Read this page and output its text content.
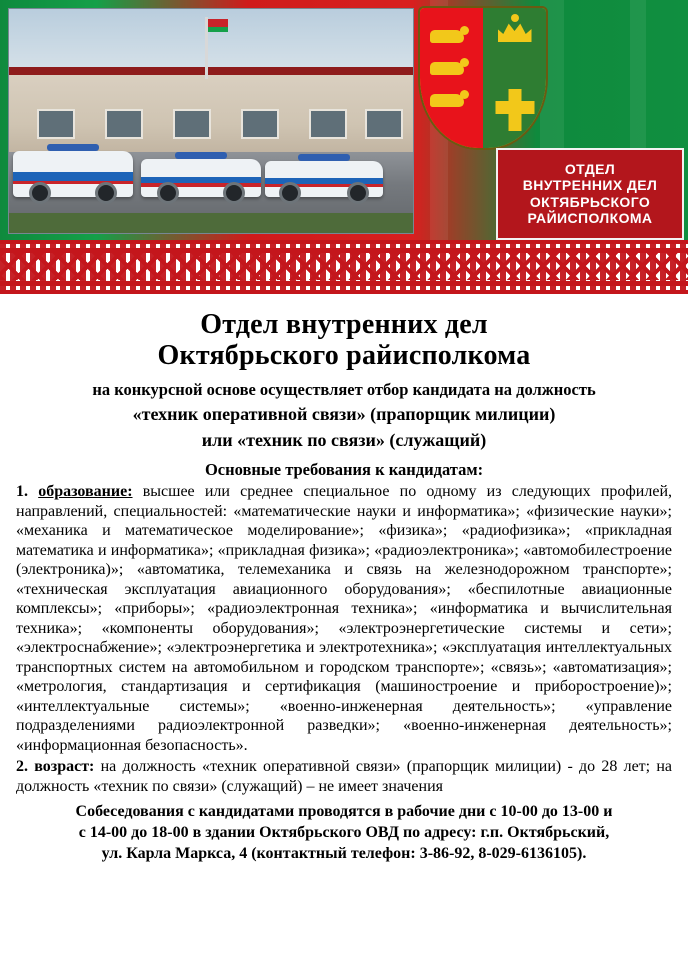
ОТДЕЛ
ВНУТРЕННИХ ДЕЛ
ОКТЯБРЬСКОГО
РАЙИСПОЛКОМА
Отдел внутренних дел
Октябрьского райисполкома
на конкурсной основе осуществляет отбор кандидата на должность
«техник оперативной связи» (прапорщик милиции)
или «техник по связи» (служащий)
Основные требования к кандидатам:

1. образование: высшее или среднее специальное по одному из следующих профилей, направлений, специальностей: «математические науки и информатика»; «физические науки»; «механика и математическое моделирование»; «физика»; «радиофизика»; «прикладная математика и информатика»; «прикладная физика»; «радиоэлектроника»; «автомобилестроение (электроника)»; «автоматика, телемеханика и связь на железнодорожном транспорте»; «техническая эксплуатация авиационного оборудования»; «беспилотные авиационные комплексы»; «приборы»; «радиоэлектронная техника»; «информатика и вычислительная техника»; «компоненты оборудования»; «электроэнергетические системы и сети»; «электроснабжение»; «электроэнергетика и электротехника»; «эксплуатация интеллектуальных транспортных систем на автомобильном и городском транспорте»; «связь»; «автоматизация»; «метрология, стандартизация и сертификация (машиностроение и приборостроение)»; «интеллектуальные системы»; «военно-инженерная деятельность»; «управление подразделениями радиоэлектронной разведки»; «военно-инженерная деятельность»; «информационная безопасность».

2. возраст: на должность «техник оперативной связи» (прапорщик милиции) - до 28 лет; на должность «техник по связи» (служащий) – не имеет значения

Собеседования с кандидатами проводятся в рабочие дни с 10-00 до 13-00 и
с 14-00 до 18-00 в здании Октябрьского ОВД по адресу: г.п. Октябрьский,
ул. Карла Маркса, 4 (контактный телефон: 3-86-92, 8-029-6136105).
